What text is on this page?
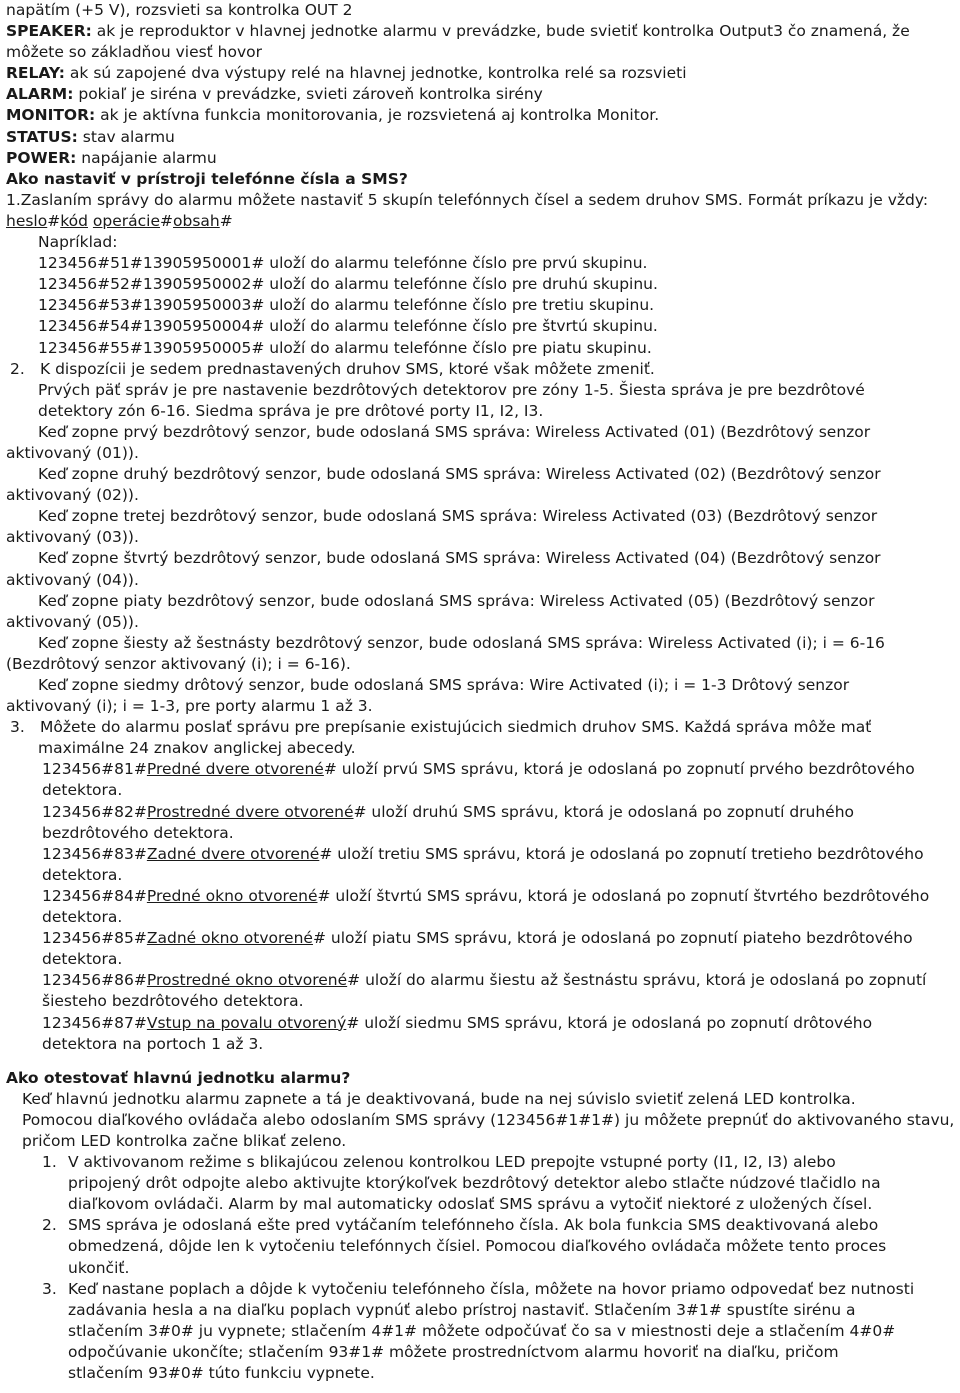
napätím (+5 V), rozsvieti sa kontrolka OUT 2
SPEAKER: ak je reproduktor v hlavnej jednotke alarmu v prevádzke, bude svietiť kontrolka Output3 čo znamená, že
môžete so základňou viesť hovor
RELAY: ak sú zapojené dva výstupy relé na hlavnej jednotke, kontrolka relé sa rozsvieti
ALARM: pokiaľ je siréna v prevádzke, svieti zároveň kontrolka sirény
MONITOR: ak je aktívna funkcia monitorovania, je rozsvietená aj kontrolka Monitor.
STATUS: stav alarmu
POWER: napájanie alarmu
Ako nastaviť v prístroji telefónne čísla a SMS?
1.Zaslaním správy do alarmu môžete nastaviť 5 skupín telefónnych čísel a sedem druhov SMS. Formát príkazu je vždy:
heslo#kód operácie#obsah#
Napríklad:
123456#51#13905950001# uloží do alarmu telefónne číslo pre prvú skupinu.
123456#52#13905950002# uloží do alarmu telefónne číslo pre druhú skupinu.
123456#53#13905950003# uloží do alarmu telefónne číslo pre tretiu skupinu.
123456#54#13905950004# uloží do alarmu telefónne číslo pre štvrtú skupinu.
123456#55#13905950005# uloží do alarmu telefónne číslo pre piatu skupinu.
2. K dispozícii je sedem prednastavených druhov SMS, ktoré však môžete zmeniť.
Prvých päť správ je pre nastavenie bezdrôtových detektorov pre zóny 1-5. Šiesta správa je pre bezdrôtové
detektory zón 6-16. Siedma správa je pre drôtové porty I1, I2, I3.
Keď zopne prvý bezdrôtový senzor, bude odoslaná SMS správa: Wireless Activated (01) (Bezdrôtový senzor
aktivovaný (01)).
Keď zopne druhý bezdrôtový senzor, bude odoslaná SMS správa: Wireless Activated (02) (Bezdrôtový senzor
aktivovaný (02)).
Keď zopne tretej bezdrôtový senzor, bude odoslaná SMS správa: Wireless Activated (03) (Bezdrôtový senzor
aktivovaný (03)).
Keď zopne štvrtý bezdrôtový senzor, bude odoslaná SMS správa: Wireless Activated (04) (Bezdrôtový senzor
aktivovaný (04)).
Keď zopne piaty bezdrôtový senzor, bude odoslaná SMS správa: Wireless Activated (05) (Bezdrôtový senzor
aktivovaný (05)).
Keď zopne šiesty až šestnásty bezdrôtový senzor, bude odoslaná SMS správa: Wireless Activated (i); i = 6-16
(Bezdrôtový senzor aktivovaný (i); i = 6-16).
Keď zopne siedmy drôtový senzor, bude odoslaná SMS správa: Wire Activated (i); i = 1-3 Drôtový senzor
aktivovaný (i); i = 1-3, pre porty alarmu 1 až 3.
3. Môžete do alarmu poslať správu pre prepísanie existujúcich siedmich druhov SMS. Každá správa môže mať
maximálne 24 znakov anglickej abecedy.
123456#81#Predné dvere otvorené# uloží prvú SMS správu, ktorá je odoslaná po zopnutí prvého bezdrôtového
detektora.
123456#82#Prostredné dvere otvorené# uloží druhú SMS správu, ktorá je odoslaná po zopnutí druhého
bezdrôtového detektora.
123456#83#Zadné dvere otvorené# uloží tretiu SMS správu, ktorá je odoslaná po zopnutí tretieho bezdrôtového
detektora.
123456#84#Predné okno otvorené# uloží štvrtú SMS správu, ktorá je odoslaná po zopnutí štvrtého bezdrôtového
detektora.
123456#85#Zadné okno otvorené# uloží piatu SMS správu, ktorá je odoslaná po zopnutí piateho bezdrôtového
detektora.
123456#86#Prostredné okno otvorené# uloží do alarmu šiestu až šestnástu správu, ktorá je odoslaná po zopnutí
šiesteho bezdrôtového detektora.
123456#87#Vstup na povalu otvorený# uloží siedmu SMS správu, ktorá je odoslaná po zopnutí drôtového
detektora na portoch 1 až 3.
Ako otestovať hlavnú jednotku alarmu?
Keď hlavnú jednotku alarmu zapnete a tá je deaktivovaná, bude na nej súvislo svietiť zelená LED kontrolka.
Pomocou diaľkového ovládača alebo odoslaním SMS správy (123456#1#1#) ju môžete prepnúť do aktivovaného stavu,
pričom LED kontrolka začne blikať zeleno.
1. V aktivovanom režime s blikajúcou zelenou kontrolkou LED prepojte vstupné porty (I1, I2, I3) alebo
pripojený drôt odpojte alebo aktivujte ktorýkoľvek bezdrôtový detektor alebo stlačte núdzové tlačidlo na
diaľkovom ovládači. Alarm by mal automaticky odoslať SMS správu a vytočiť niektoré z uložených čísel.
2. SMS správa je odoslaná ešte pred vytáčaním telefónneho čísla. Ak bola funkcia SMS deaktivovaná alebo
obmedzená, dôjde len k vytočeniu telefónnych čísiel. Pomocou diaľkového ovládača môžete tento proces
ukončiť.
3. Keď nastane poplach a dôjde k vytočeniu telefónneho čísla, môžete na hovor priamo odpovedať bez nutnosti
zadávania hesla a na diaľku poplach vypnúť alebo prístroj nastaviť. Stlačením 3#1# spustíte sirénu a
stlačením 3#0# ju vypnete; stlačením 4#1# môžete odpočúvať čo sa v miestnosti deje a stlačením 4#0#
odpočúvanie ukončíte; stlačením 93#1# môžete prostredníctvom alarmu hovoriť na diaľku, pričom
stlačením 93#0# túto funkciu vypnete.
